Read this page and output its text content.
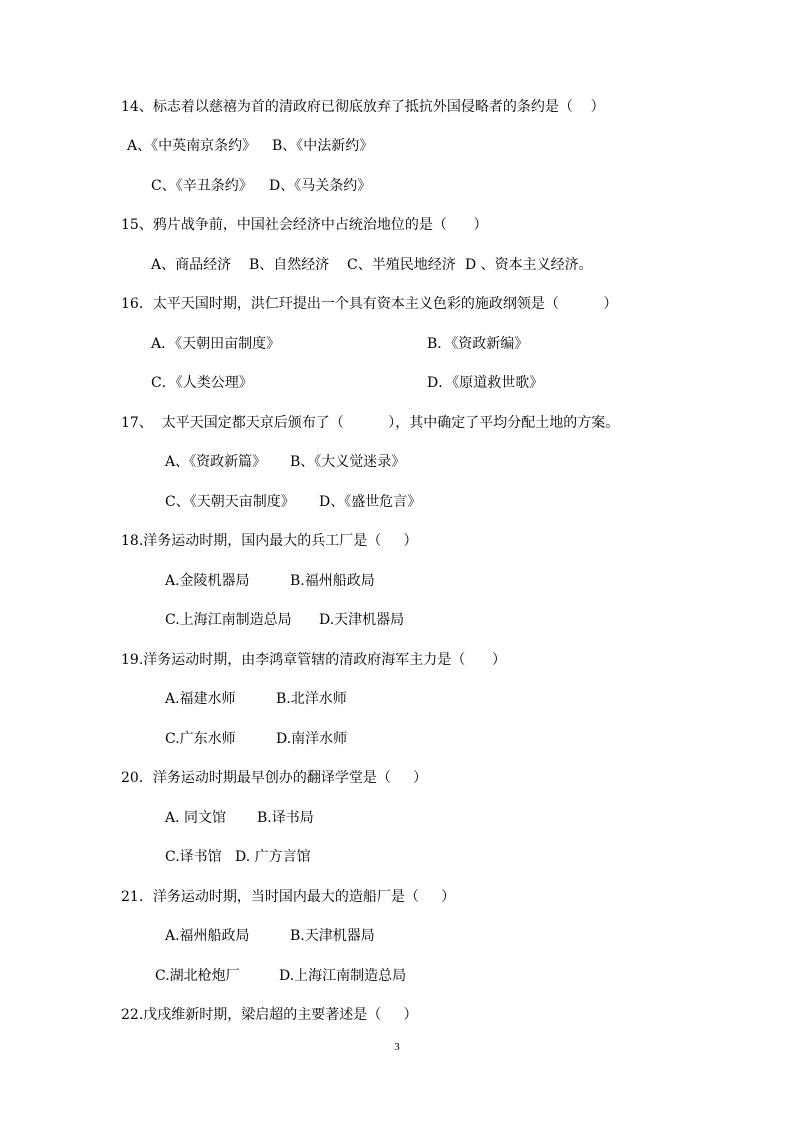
14、标志着以慈禧为首的清政府已彻底放弃了抵抗外国侵略者的条约是（    ）
A、《中英南京条约》 B、《中法新约》
C、《辛丑条约》 D、《马关条约》
15、鸦片战争前，中国社会经济中占统治地位的是（      ）
A、商品经济 B、自然经济 C、半殖民地经济 D 、资本主义经济。
16．太平天国时期，洪仁玕提出一个具有资本主义色彩的施政纲领是（          ）
A．《天朝田亩制度》	B．《资政新编》
C．《人类公理》	D．《原道救世歌》
17、  太平天国定都天京后颁布了（          ），其中确定了平均分配土地的方案。
A、《资政新篇》 B、《大义觉迷录》
C、《天朝天亩制度》 D、《盛世危言》
18.洋务运动时期，国内最大的兵工厂是（     ）
A.金陵机器局	B.福州船政局
C.上海江南制造总局 D.天津机器局
19.洋务运动时期，由李鸿章管辖的清政府海军主力是（      ）
A.福建水师	B.北洋水师
C.广东水师	D.南洋水师
20．洋务运动时期最早创办的翻译学堂是（     ）
A. 同文馆 B.译书局
C.译书馆 D. 广方言馆
21．洋务运动时期，当时国内最大的造船厂是（     ）
A.福州船政局	B.天津机器局
C.湖北枪炮厂	D.上海江南制造总局
22.戊戌维新时期，梁启超的主要著述是（     ）
3
